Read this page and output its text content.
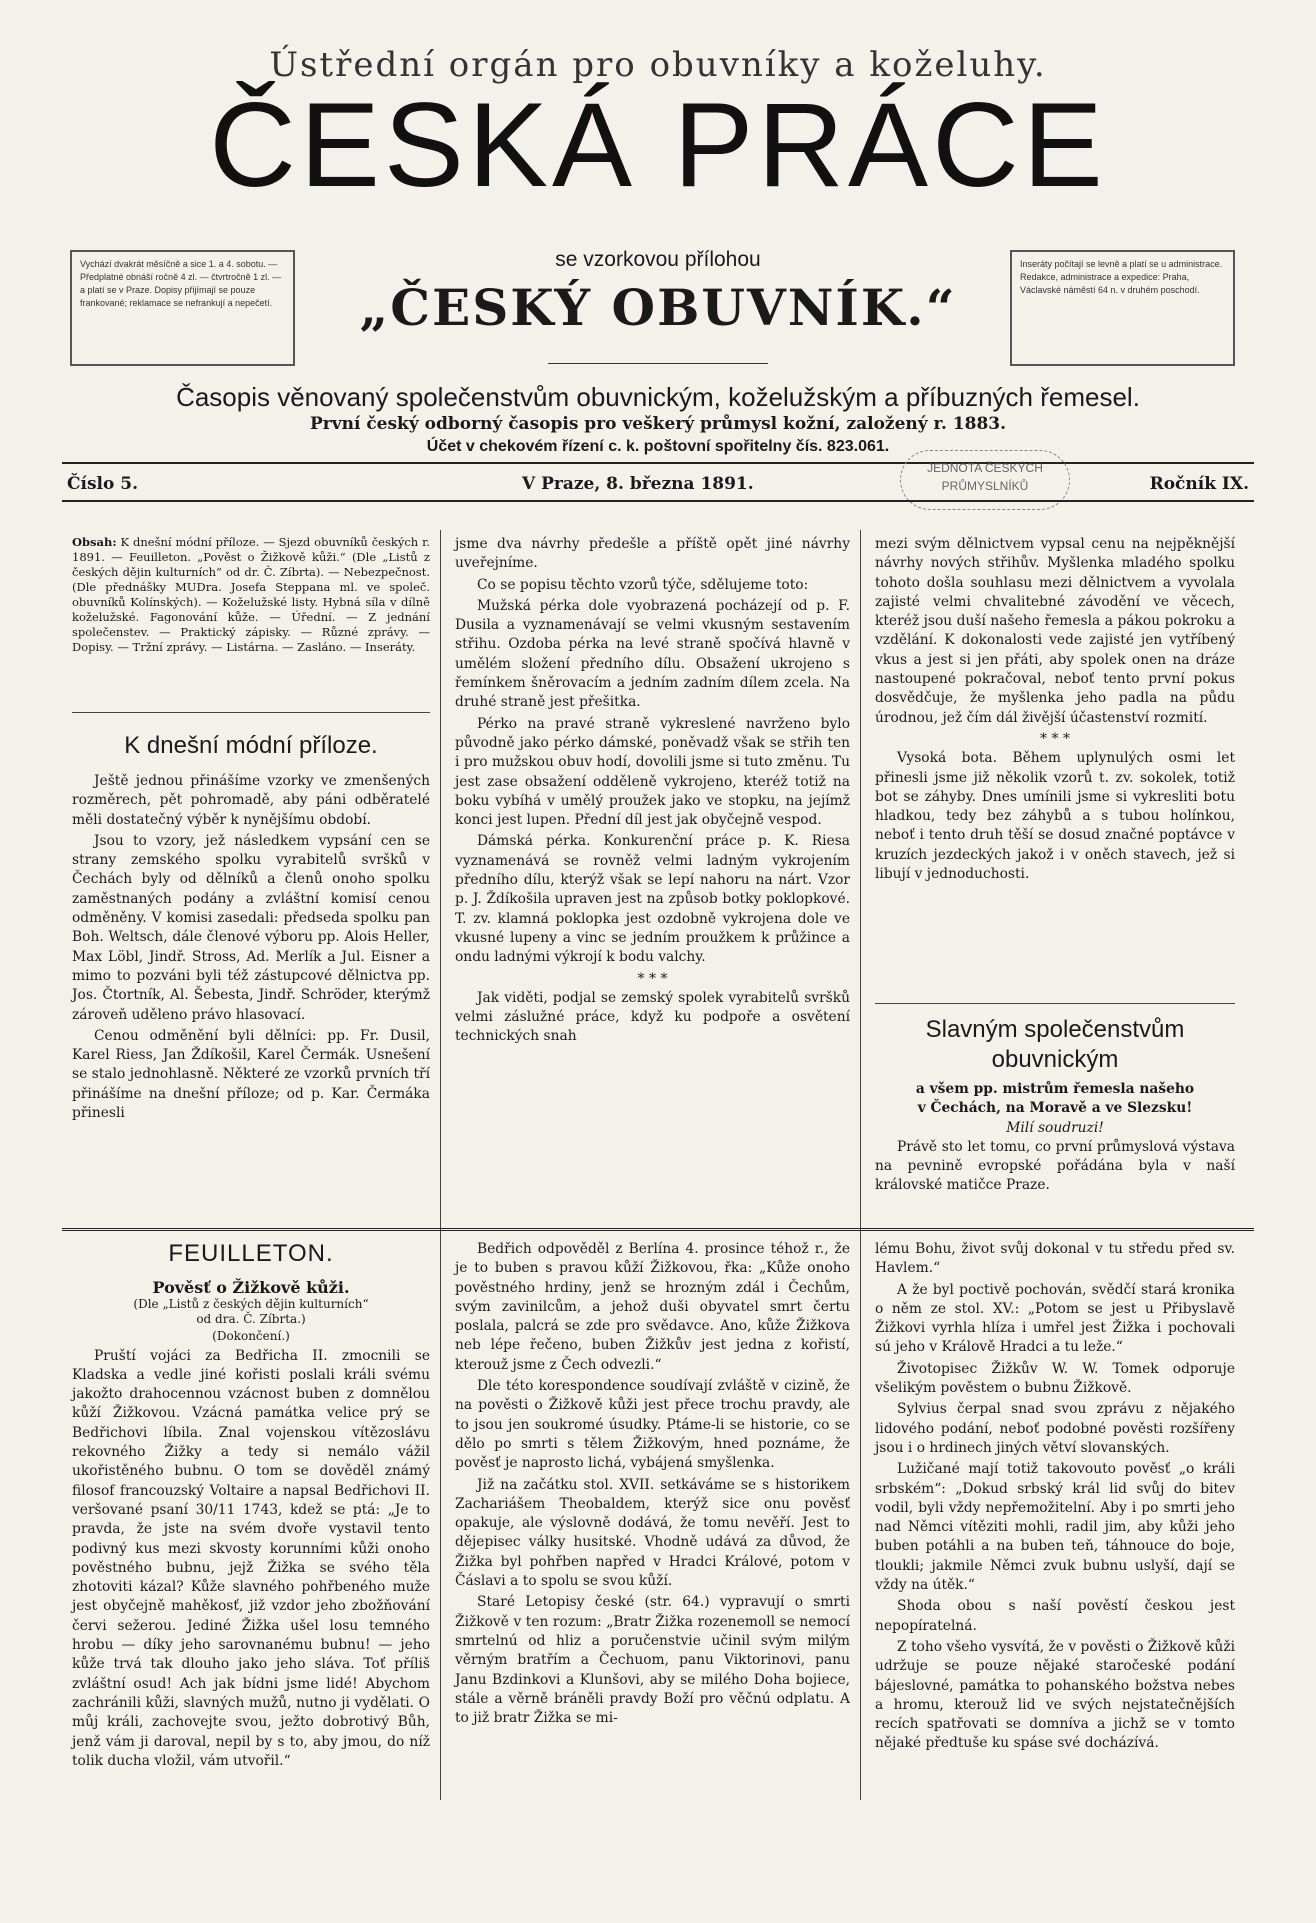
Ústřední orgán pro obuvníky a koželuhy.
ČESKÁ PRÁCE
Vychází dvakrát měsíčně a sice 1. a 4. sobotu. — Předplatné obnáší ročně 4 zl. — čtvrtročně 1 zl. — a platí se v Praze. Dopisy přijímají se pouze frankované; reklamace se nefrankují a nepečetí.
Inseráty počítají se levně a platí se u administrace. Redakce, administrace a expedice: Praha, Václavské náměstí 64 n. v druhém poschodí.
se vzorkovou přílohou
„ČESKÝ OBUVNÍK.“
Časopis věnovaný společenstvům obuvnickým, koželužským a příbuzných řemesel.
První český odborný časopis pro veškerý průmysl kožní, založený r. 1883.
Účet v chekovém řízení c. k. poštovní spořitelny čís. 823.061.
Číslo 5.	V Praze, 8. března 1891.	Ročník IX.
JEDNOTA ČESKÝCH PRŮMYSLNÍKŮ
Obsah: K dnešní módní příloze. — Sjezd obuvníků českých r. 1891. — Feuilleton. „Pověst o Žižkově kůži.“ (Dle „Listů z českých dějin kulturních“ od dr. Č. Zíbrta). — Nebezpečnost. (Dle přednášky MUDra. Josefa Steppana ml. ve společ. obuvníků Kolínských). — Koželužské listy. Hybná síla v dílně koželužské. Fagonování kůže. — Úřední. — Z jednání společenstev. — Praktický zápisky. — Různé zprávy. — Dopisy. — Tržní zprávy. — Listárna. — Zasláno. — Inseráty.
K dnešní módní příloze.

Ještě jednou přinášíme vzorky ve zmenšených rozměrech, pět pohromadě, aby páni odběratelé měli dostatečný výběr k nynějšímu období.

Jsou to vzory, jež následkem vypsání cen se strany zemského spolku vyrabitelů svršků v Čechách byly od dělníků a členů onoho spolku zaměstnaných podány a zvláštní komisí cenou odměněny. V komisi zasedali: předseda spolku pan Boh. Weltsch, dále členové výboru pp. Alois Heller, Max Löbl, Jindř. Stross, Ad. Merlík a Jul. Eisner a mimo to pozváni byli též zástupcové dělnictva pp. Jos. Čtortník, Al. Šebesta, Jindř. Schröder, kterýmž zároveň uděleno právo hlasovací.

Cenou odměnění byli dělníci: pp. Fr. Dusil, Karel Riess, Jan Ždíkošil, Karel Čermák. Usnešení se stalo jednohlasně. Některé ze vzorků prvních tří přinášíme na dnešní příloze; od p. Kar. Čermáka přinesli

jsme dva návrhy předešle a příště opět jiné návrhy uveřejníme.

Co se popisu těchto vzorů týče, sdělujeme toto:

Mužská pérka dole vyobrazená pocházejí od p. F. Dusila a vyznamenávají se velmi vkusným sestavením střihu. Ozdoba pérka na levé straně spočívá hlavně v umělém složení předního dílu. Obsažení ukrojeno s řemínkem šněrovacím a jedním zadním dílem zcela. Na druhé straně jest přešitka.

Pérko na pravé straně vykreslené navrženo bylo původně jako pérko dámské, poněvadž však se střih ten i pro mužskou obuv hodí, dovolili jsme si tuto změnu. Tu jest zase obsažení odděleně vykrojeno, kteréž totiž na boku vybíhá v umělý proužek jako ve stopku, na jejímž konci jest lupen. Přední díl jest jak obyčejně vespod.

Dámská pérka. Konkurenční práce p. K. Riesa vyznamenává se rovněž velmi ladným vykrojením předního dílu, kterýž však se lepí nahoru na nárt. Vzor p. J. Ždíkošila upraven jest na způsob botky poklopkové. T. zv. klamná poklopka jest ozdobně vykrojena dole ve vkusné lupeny a vinc se jedním proužkem k průžince a ondu ladnými výkrojí k bodu valchy.

* * *

Jak viděti, podjal se zemský spolek vyrabitelů svršků velmi záslužné práce, když ku podpoře a osvětení technických snah

mezi svým dělnictvem vypsal cenu na nejpěknější návrhy nových střihův. Myšlenka mladého spolku tohoto došla souhlasu mezi dělnictvem a vyvolala zajisté velmi chvalitebné závodění ve věcech, kteréž jsou duší našeho řemesla a pákou pokroku a vzdělání. K dokonalosti vede zajisté jen vytříbený vkus a jest si jen přáti, aby spolek onen na dráze nastoupené pokračoval, neboť tento první pokus dosvědčuje, že myšlenka jeho padla na půdu úrodnou, jež čím dál živější účastenství rozmití.

* * *

Vysoká bota. Během uplynulých osmi let přinesli jsme již několik vzorů t. zv. sokolek, totiž bot se záhyby. Dnes umínili jsme si vykresliti botu hladkou, tedy bez záhybů a s tubou holínkou, neboť i tento druh těší se dosud značné poptávce v kruzích jezdeckých jakož i v oněch stavech, jež si libují v jednoduchosti.

Slavným společenstvům obuvnickým
a všem pp. mistrům řemesla našeho
v Čechách, na Moravě a ve Slezsku!
Milí soudruzi!

Právě sto let tomu, co první průmyslová výstava na pevnině evropské pořádána byla v naší královské matičce Praze.

FEUILLETON.
Pověsť o Žižkově kůži.
(Dle „Listů z českých dějin kulturních“
od dra. Č. Zíbrta.)
(Dokončení.)

Pruští vojáci za Bedřicha II. zmocnili se Kladska a vedle jiné kořisti poslali králi svému jakožto drahocennou vzácnost buben z domnělou kůží Žižkovou. Vzácná památka velice prý se Bedřichovi líbila. Znal vojenskou vítězoslávu rekovného Žižky a tedy si nemálo vážil ukořistěného bubnu. O tom se dověděl známý filosof francouzský Voltaire a napsal Bedřichovi II. veršované psaní 30/11 1743, kdež se ptá: „Je to pravda, že jste na svém dvoře vystavil tento podivný kus mezi skvosty korunními kůži onoho pověstného bubnu, jejž Žižka se svého těla zhotoviti kázal? Kůže slavného pohřbeného muže jest obyčejně mahěkosť, již vzdor jeho zbožňování červi sežerou. Jediné Žižka ušel losu temného hrobu — díky jeho sarovnanému bubnu! — jeho kůže trvá tak dlouho jako jeho sláva. Toť příliš zvláštní osud! Ach jak bídni jsme lidé! Abychom zachránili kůži, slavných mužů, nutno ji vydělati. O můj králi, zachovejte svou, ježto dobrotivý Bůh, jenž vám ji daroval, nepil by s to, aby jmou, do níž tolik ducha vložil, vám utvořil.“

Bedřich odpověděl z Berlína 4. prosince téhož r., že je to buben s pravou kůží Žižkovou, řka: „Kůže onoho pověstného hrdiny, jenž se hrozným zdál i Čechům, svým zavinilcům, a jehož duši obyvatel smrt čertu poslala, palcrá se zde pro svědavce. Ano, kůže Žižkova neb lépe řečeno, buben Žižkův jest jedna z kořistí, kterouž jsme z Čech odvezli.“

Dle této korespondence soudívají zvláště v cizině, že na pověsti o Žižkově kůži jest přece trochu pravdy, ale to jsou jen soukromé úsudky. Ptáme-li se historie, co se dělo po smrti s tělem Žižkovým, hned poznáme, že pověsť je naprosto lichá, vybájená smyšlenka.

Již na začátku stol. XVII. setkáváme se s historikem Zachariášem Theobaldem, kterýž sice onu pověsť opakuje, ale výslovně dodává, že tomu nevěří. Jest to dějepisec války husitské. Vhodně udává za důvod, že Žižka byl pohřben napřed v Hradci Králové, potom v Čáslavi a to spolu se svou kůží.

Staré Letopisy české (str. 64.) vypravují o smrti Žižkově v ten rozum: „Bratr Žižka rozenemoll se nemocí smrtelnú od hliz a poručenstvie učinil svým milým věrným bratřím a Čechuom, panu Viktorinovi, panu Janu Bzdinkovi a Klunšovi, aby se milého Doha bojiece, stále a věrně bráněli pravdy Boží pro věčnú odplatu. A to již bratr Žižka se mi-

lému Bohu, život svůj dokonal v tu středu před sv. Havlem.“

A že byl poctivě pochován, svědčí stará kronika o něm ze stol. XV.: „Potom se jest u Přibyslavě Žižkovi vyrhla hlíza i umřel jest Žižka i pochovali sú jeho v Králově Hradci a tu leže.“

Životopisec Žižkův W. W. Tomek odporuje všelikým pověstem o bubnu Žižkově.

Sylvius čerpal snad svou zprávu z nějakého lidového podání, neboť podobné pověsti rozšířeny jsou i o hrdinech jiných větví slovanských.

Lužičané mají totiž takovouto pověsť „o králi srbském“: „Dokud srbský král lid svůj do bitev vodil, byli vždy nepřemožitelní. Aby i po smrti jeho nad Němci vítěziti mohli, radil jim, aby kůži jeho buben potáhli a na buben teň, táhnouce do boje, tloukli; jakmile Němci zvuk bubnu uslyší, dají se vždy na útěk.“

Shoda obou s naší pověstí českou jest nepopíratelná.

Z toho všeho vysvítá, že v pověsti o Žižkově kůži udržuje se pouze nějaké staročeské podání bájeslovné, památka to pohanského božstva nebes a hromu, kterouž lid ve svých nejstatečnějších recích spatřovati se domníva a jichž se v tomto nějaké předtuše ku spáse své docházívá.
